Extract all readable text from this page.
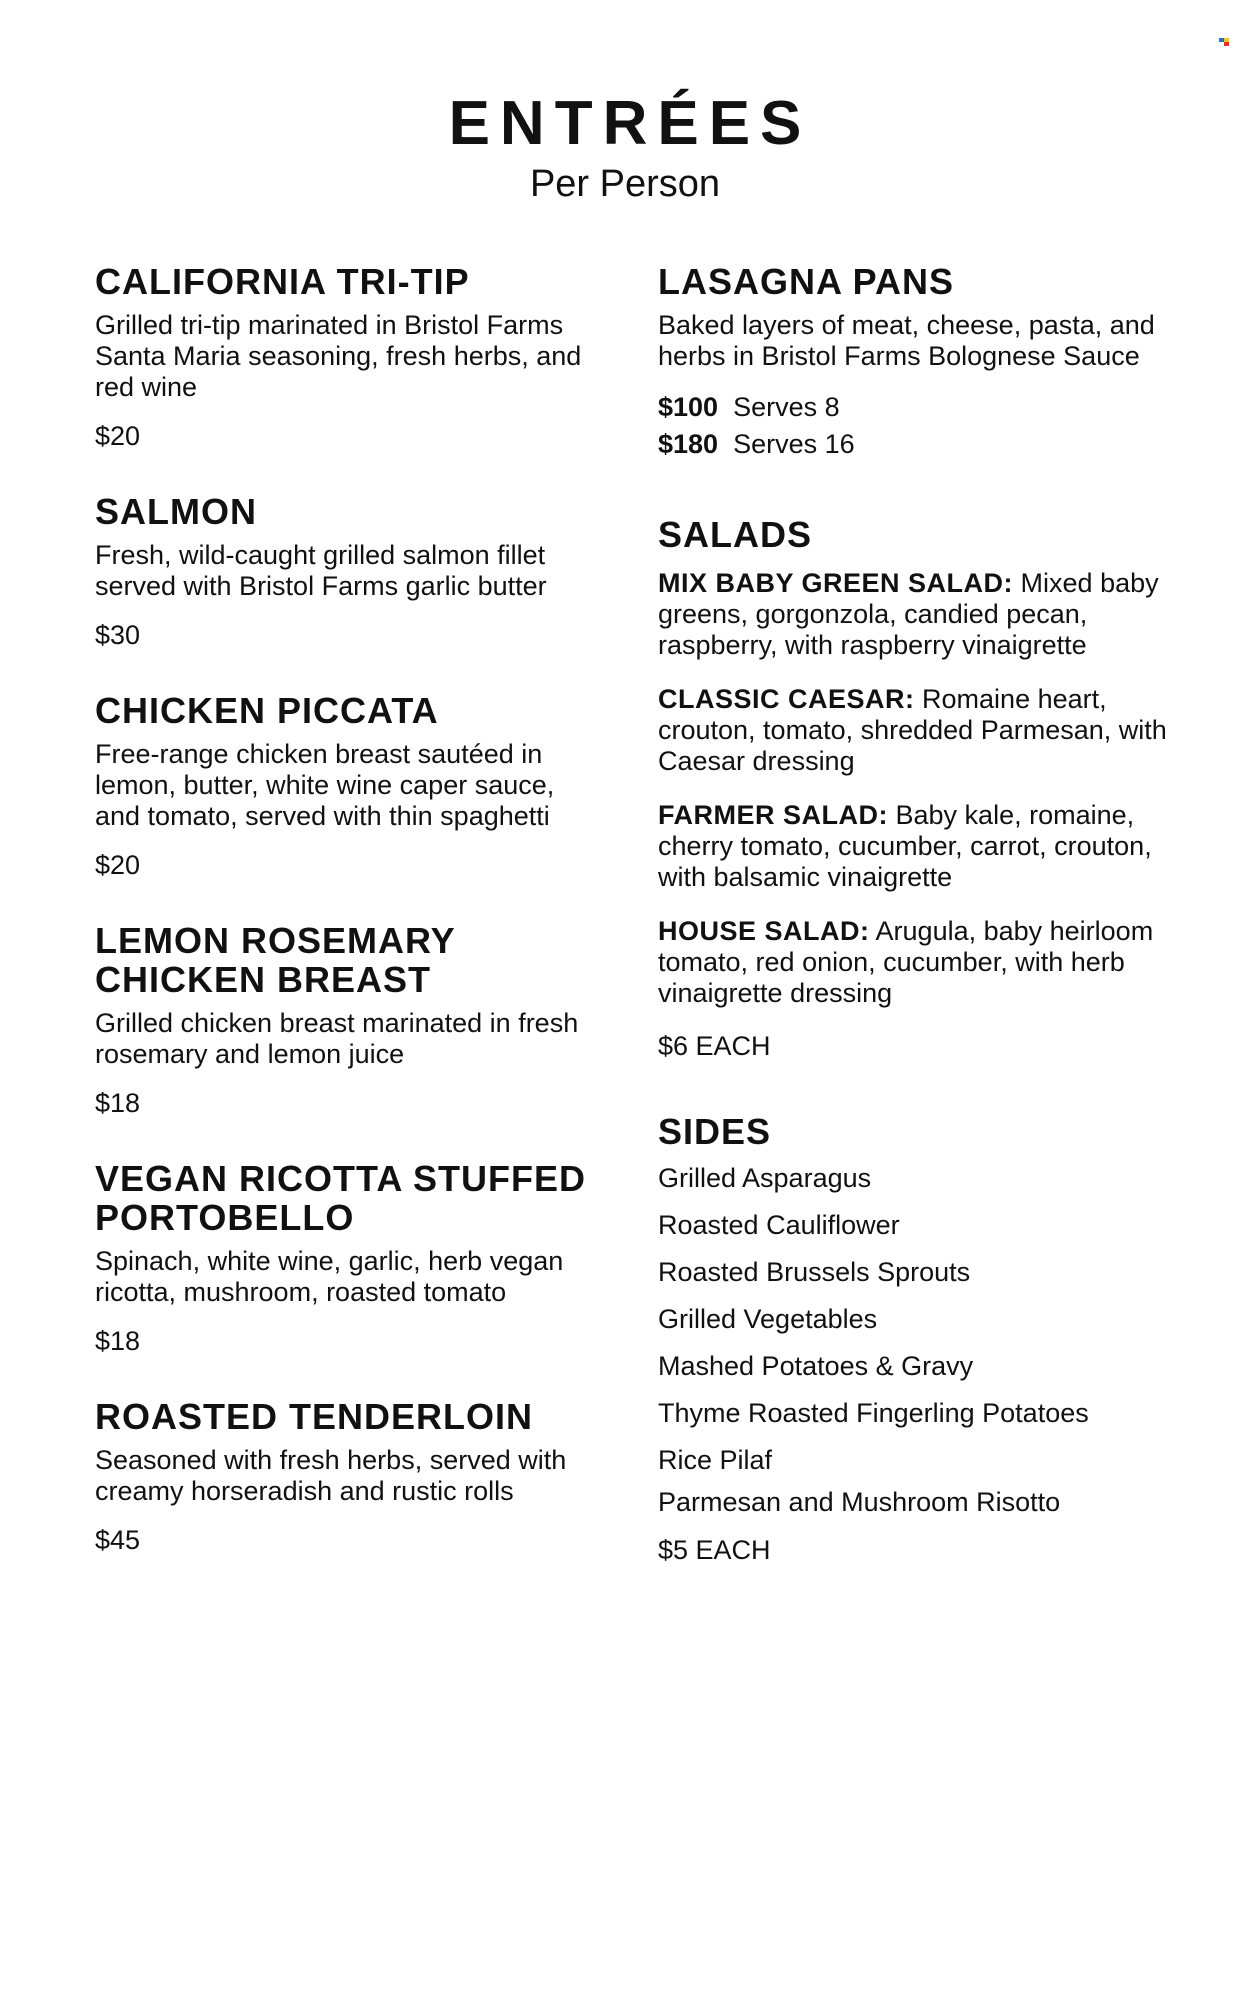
ENTRÉES
Per Person
CALIFORNIA TRI-TIP
Grilled tri-tip marinated in Bristol Farms Santa Maria seasoning, fresh herbs, and red wine
$20
SALMON
Fresh, wild-caught grilled salmon fillet served with Bristol Farms garlic butter
$30
CHICKEN PICCATA
Free-range chicken breast sautéed in lemon, butter, white wine caper sauce, and tomato, served with thin spaghetti
$20
LEMON ROSEMARY CHICKEN BREAST
Grilled chicken breast marinated in fresh rosemary and lemon juice
$18
VEGAN RICOTTA STUFFED PORTOBELLO
Spinach, white wine, garlic, herb vegan ricotta, mushroom, roasted tomato
$18
ROASTED TENDERLOIN
Seasoned with fresh herbs, served with creamy horseradish and rustic rolls
$45
LASAGNA PANS
Baked layers of meat, cheese, pasta, and herbs in Bristol Farms Bolognese Sauce
$100 Serves 8
$180 Serves 16
SALADS
MIX BABY GREEN SALAD: Mixed baby greens, gorgonzola, candied pecan, raspberry, with raspberry vinaigrette
CLASSIC CAESAR: Romaine heart, crouton, tomato, shredded Parmesan, with Caesar dressing
FARMER SALAD: Baby kale, romaine, cherry tomato, cucumber, carrot, crouton, with balsamic vinaigrette
HOUSE SALAD: Arugula, baby heirloom tomato, red onion, cucumber, with herb vinaigrette dressing
$6 EACH
SIDES
Grilled Asparagus
Roasted Cauliflower
Roasted Brussels Sprouts
Grilled Vegetables
Mashed Potatoes & Gravy
Thyme Roasted Fingerling Potatoes
Rice Pilaf
Parmesan and Mushroom Risotto
$5 EACH
